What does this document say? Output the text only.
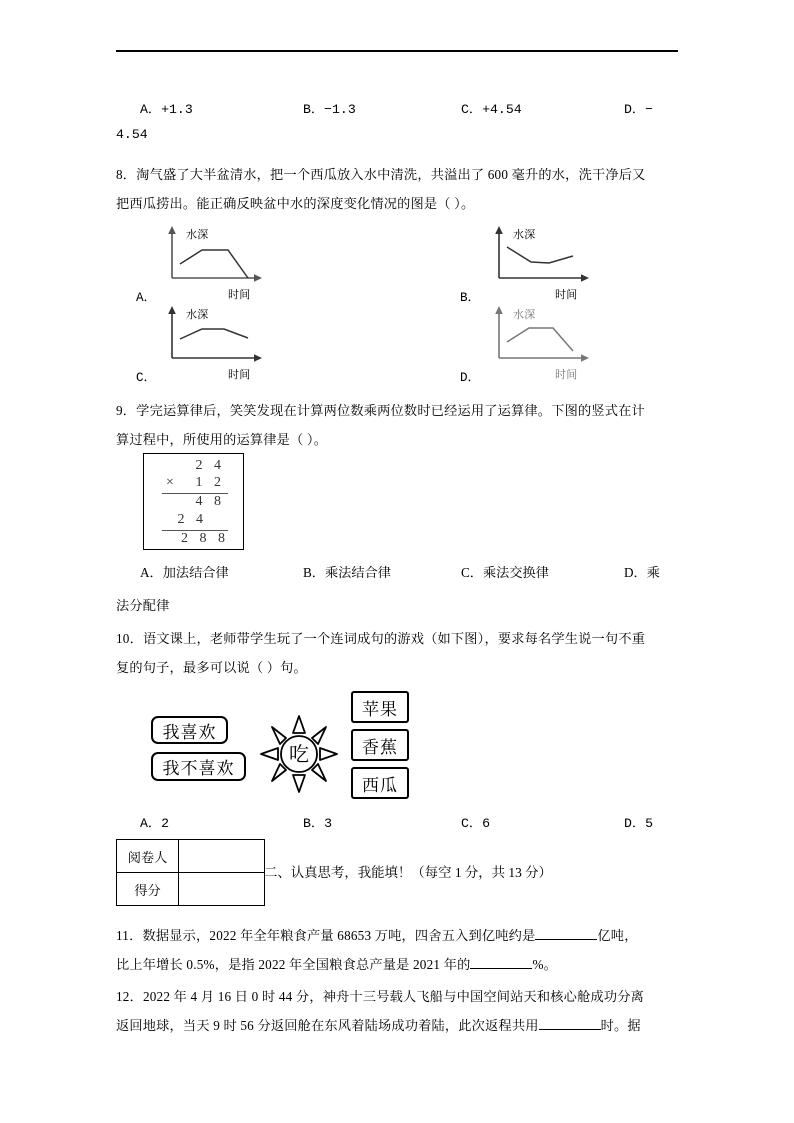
A．+1.3	B．−1.3	C．+4.54	D．−
4.54
8．淘气盛了大半盆清水，把一个西瓜放入水中清洗，共溢出了 600 毫升的水，洗干净后又
把西瓜捞出。能正确反映盆中水的深度变化情况的图是（ ）。
水深
时间
A．
水深
时间
B．
水深
时间
C．
水深
时间
D．
9．学完运算律后，笑笑发现在计算两位数乘两位数时已经运用了运算律。下图的竖式在计
算过程中，所使用的运算律是（ ）。
2 4
× 1 2
4 8
2 4
2 8 8
A．加法结合律	B．乘法结合律	C．乘法交换律	D．乘
法分配律
10．语文课上，老师带学生玩了一个连词成句的游戏（如下图），要求每名学生说一句不重
复的句子，最多可以说（ ）句。
我喜欢
我不喜欢
吃
苹果
香蕉
西瓜
A．2	B．3	C．6	D．5
阅卷人	
得分	
二、认真思考，我能填！（每空 1 分，共 13 分）
11．数据显示，2022 年全年粮食产量 68653 万吨，四舍五入到亿吨约是	亿吨，
比上年增长 0.5%，是指 2022 年全国粮食总产量是 2021 年的	%。
12．2022 年 4 月 16 日 0 时 44 分，神舟十三号载人飞船与中国空间站天和核心舱成功分离
返回地球，当天 9 时 56 分返回舱在东风着陆场成功着陆，此次返程共用	时。据
